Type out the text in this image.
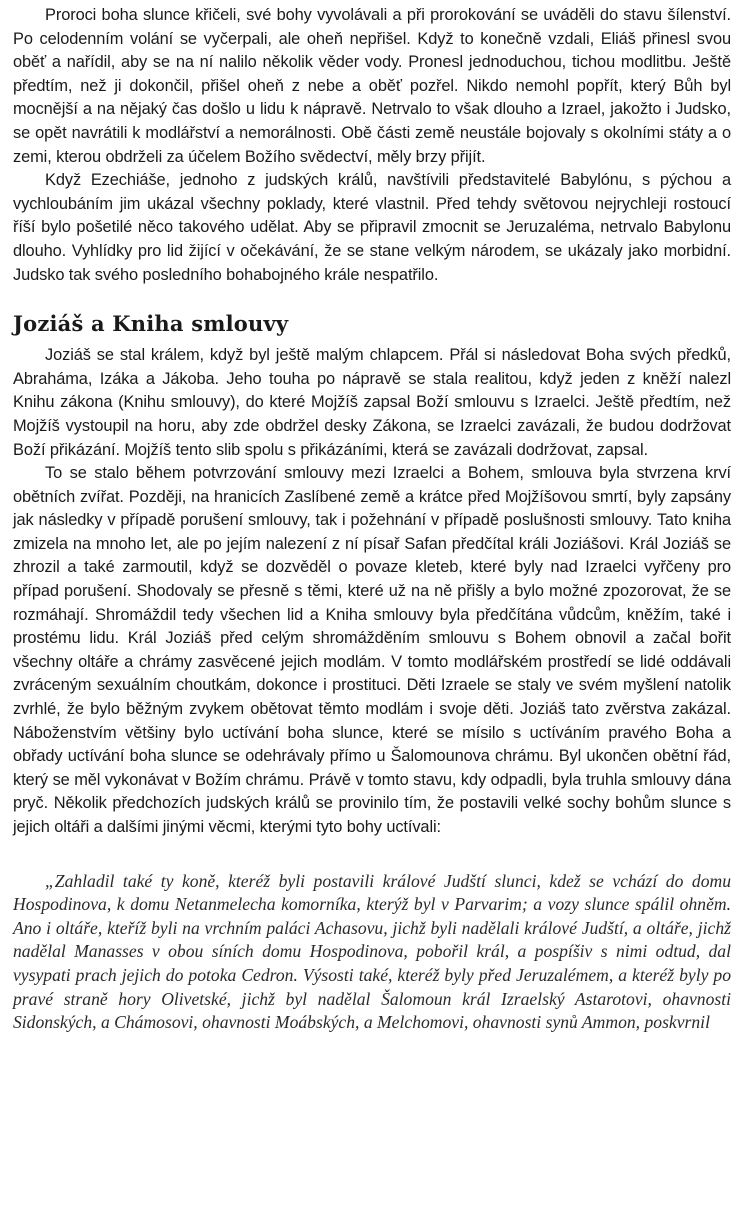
Proroci boha slunce křičeli, své bohy vyvolávali a při prorokování se uváděli do stavu šílenství. Po celodenním volání se vyčerpali, ale oheň nepřišel. Když to konečně vzdali, Eliáš přinesl svou oběť a nařídil, aby se na ní nalilo několik věder vody. Pronesl jednoduchou, tichou modlitbu. Ještě předtím, než ji dokončil, přišel oheň z nebe a oběť pozřel. Nikdo nemohl popřít, který Bůh byl mocnější a na nějaký čas došlo u lidu k nápravě. Netrvalo to však dlouho a Izrael, jakožto i Judsko, se opět navrátili k modlářství a nemorálnosti. Obě části země neustále bojovaly s okolními státy a o zemi, kterou obdrželi za účelem Božího svědectví, měly brzy přijít.

Když Ezechiáše, jednoho z judských králů, navštívili představitelé Babylónu, s pýchou a vychloubáním jim ukázal všechny poklady, které vlastnil. Před tehdy světovou nejrychleji rostoucí říší bylo pošetilé něco takového udělat. Aby se připravil zmocnit se Jeruzaléma, netrvalo Babylonu dlouho. Vyhlídky pro lid žijící v očekávání, že se stane velkým národem, se ukázaly jako morbidní. Judsko tak svého posledního bohabojného krále nespatřilo.

Joziáš a Kniha smlouvy

Joziáš se stal králem, když byl ještě malým chlapcem. Přál si následovat Boha svých předků, Abraháma, Izáka a Jákoba. Jeho touha po nápravě se stala realitou, když jeden z kněží nalezl Knihu zákona (Knihu smlouvy), do které Mojžíš zapsal Boží smlouvu s Izraelci. Ještě předtím, než Mojžíš vystoupil na horu, aby zde obdržel desky Zákona, se Izraelci zavázali, že budou dodržovat Boží přikázání. Mojžíš tento slib spolu s přikázáními, která se zavázali dodržovat, zapsal.

To se stalo během potvrzování smlouvy mezi Izraelci a Bohem, smlouva byla stvrzena krví obětních zvířat. Později, na hranicích Zaslíbené země a krátce před Mojžíšovou smrtí, byly zapsány jak následky v případě porušení smlouvy, tak i požehnání v případě poslušnosti smlouvy. Tato kniha zmizela na mnoho let, ale po jejím nalezení z ní písař Safan předčítal králi Joziášovi. Král Joziáš se zhrozil a také zarmoutil, když se dozvěděl o povaze kleteb, které byly nad Izraelci vyřčeny pro případ porušení. Shodovaly se přesně s těmi, které už na ně přišly a bylo možné zpozorovat, že se rozmáhají. Shromáždil tedy všechen lid a Kniha smlouvy byla předčítána vůdcům, kněžím, také i prostému lidu. Král Joziáš před celým shromážděním smlouvu s Bohem obnovil a začal bořit všechny oltáře a chrámy zasvěcené jejich modlám. V tomto modlářském prostředí se lidé oddávali zvráceným sexuálním choutkám, dokonce i prostituci. Děti Izraele se staly ve svém myšlení natolik zvrhlé, že bylo běžným zvykem obětovat těmto modlám i svoje děti. Joziáš tato zvěrstva zakázal. Náboženstvím většiny bylo uctívání boha slunce, které se mísilo s uctíváním pravého Boha a obřady uctívání boha slunce se odehrávaly přímo u Šalomounova chrámu. Byl ukončen obětní řád, který se měl vykonávat v Božím chrámu. Právě v tomto stavu, kdy odpadli, byla truhla smlouvy dána pryč. Několik předchozích judských králů se provinilo tím, že postavili velké sochy bohům slunce s jejich oltáři a dalšími jinými věcmi, kterými tyto bohy uctívali:

„Zahladil také ty koně, kteréž byli postavili králové Judští slunci, kdež se vchází do domu Hospodinova, k domu Netanmelecha komorníka, kterýž byl v Parvarim; a vozy slunce spálil ohněm. Ano i oltáře, kteříž byli na vrchním paláci Achasovu, jichž byli nadělali králové Judští, a oltáře, jichž nadělal Manasses v obou síních domu Hospodinova, pobořil král, a pospíšiv s nimi odtud, dal vysypati prach jejich do potoka Cedron. Výsosti také, kteréž byly před Jeruzalémem, a kteréž byly po pravé straně hory Olivetské, jichž byl nadělal Šalomoun král Izraelský Astarotovi, ohavnosti Sidonských, a Chámosovi, ohavnosti Moábských, a Melchomovi, ohavnosti synů Ammon, poskvrnil
